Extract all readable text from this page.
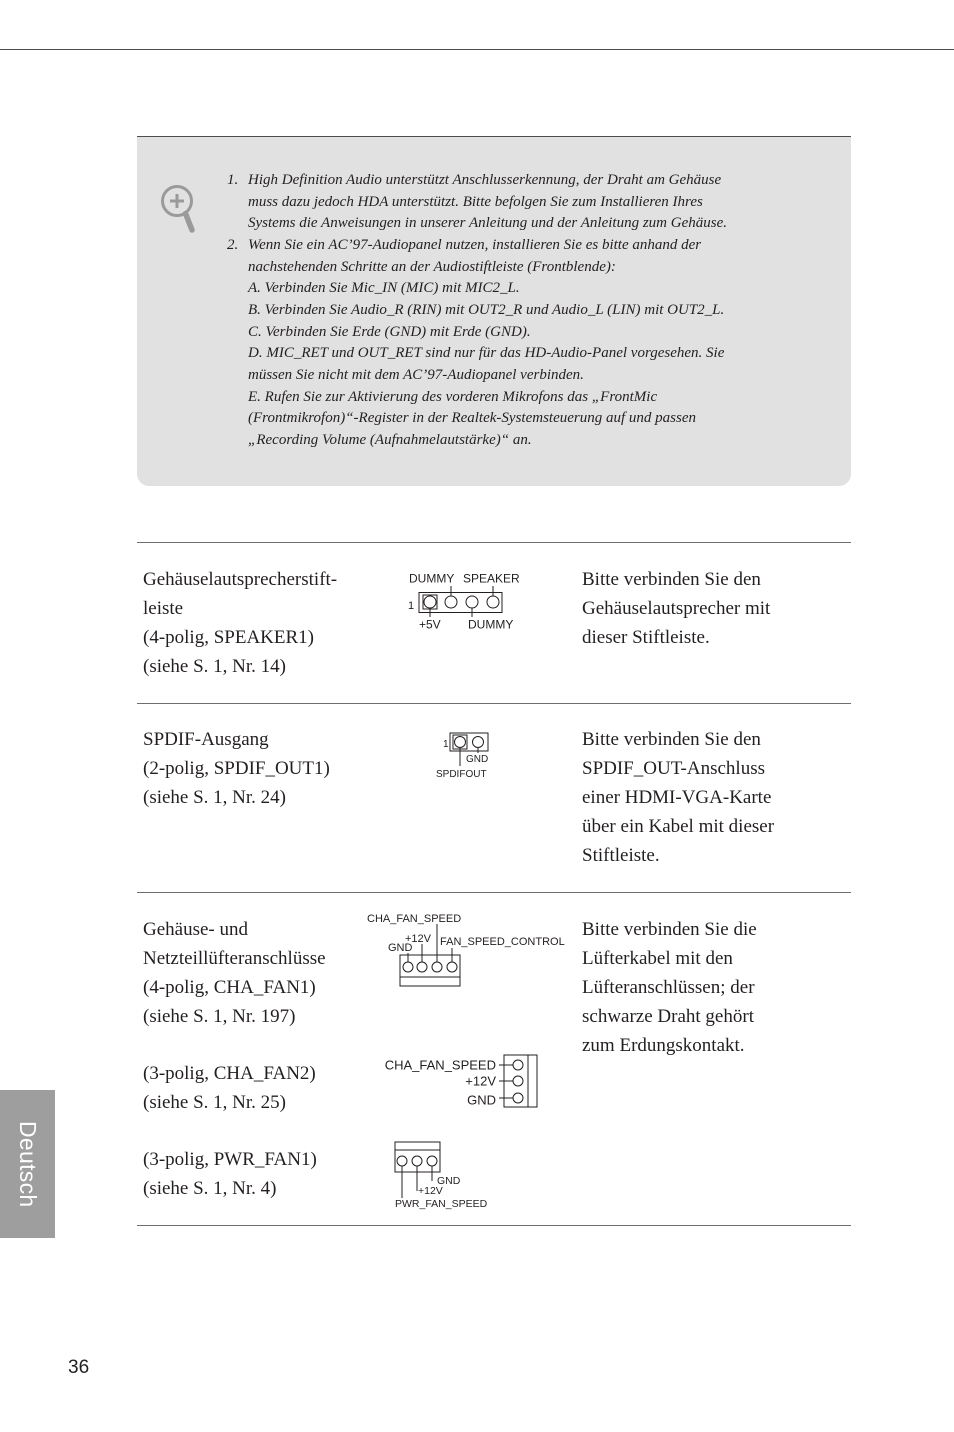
1. High Definition Audio unterstützt Anschlusserkennung, der Draht am Gehäuse
muss dazu jedoch HDA unterstützt. Bitte befolgen Sie zum Installieren Ihres
Systems die Anweisungen in unserer Anleitung und der Anleitung zum Gehäuse.
2. Wenn Sie ein AC’97-Audiopanel nutzen, installieren Sie es bitte anhand der
nachstehenden Schritte an der Audiostiftleiste (Frontblende):
A. Verbinden Sie Mic_IN (MIC) mit MIC2_L.
B. Verbinden Sie Audio_R (RIN) mit OUT2_R und Audio_L (LIN) mit OUT2_L.
C. Verbinden Sie Erde (GND) mit Erde (GND).
D. MIC_RET und OUT_RET sind nur für das HD-Audio-Panel vorgesehen. Sie
müssen Sie nicht mit dem AC’97-Audiopanel verbinden.
E. Rufen Sie zur Aktivierung des vorderen Mikrofons das „FrontMic
(Frontmikrofon)“-Register in der Realtek-Systemsteuerung auf und passen
„Recording Volume (Aufnahmelautstärke)“ an.
Gehäuselautsprecherstift-
leiste
(4-polig, SPEAKER1)
(siehe S. 1, Nr. 14)
Bitte verbinden Sie den
Gehäuselautsprecher mit
dieser Stiftleiste.
SPDIF-Ausgang
(2-polig, SPDIF_OUT1)
(siehe S. 1, Nr. 24)
Bitte verbinden Sie den
SPDIF_OUT-Anschluss
einer HDMI-VGA-Karte
über ein Kabel mit dieser
Stiftleiste.
Gehäuse- und
Netzteillüfteranschlüsse
(4-polig, CHA_FAN1)
(siehe S. 1, Nr. 197)
(3-polig, CHA_FAN2)
(siehe S. 1, Nr. 25)
(3-polig, PWR_FAN1)
(siehe S. 1, Nr. 4)
Bitte verbinden Sie die
Lüfterkabel mit den
Lüfteranschlüssen; der
schwarze Draht gehört
zum Erdungskontakt.
DUMMY SPEAKER
1
+5V DUMMY
1
GND
SPDIFOUT
CHA_FAN_SPEED
+12V
GND	FAN_SPEED_CONTROL
CHA_FAN_SPEED
+12V
GND
GND
+12V
PWR_FAN_SPEED
Deutsch
36
